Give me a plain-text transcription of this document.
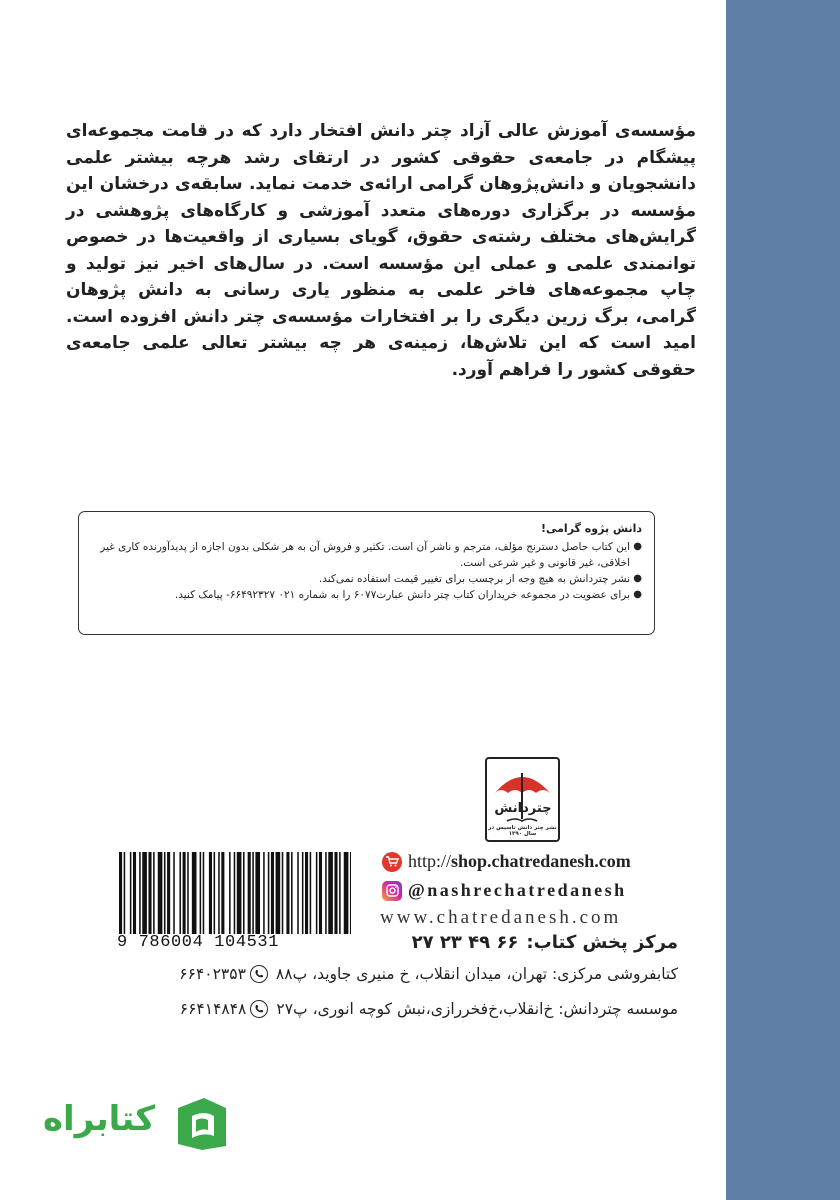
مؤسسه‌ی آموزش عالی آزاد چتر دانش افتخار دارد که در قامت مجموعه‌ای پیشگام در جامعه‌ی حقوقی کشور در ارتقای رشد هرچه بیشتر علمی دانشجویان و دانش‌پژوهان گرامی ارائه‌ی خدمت نماید. سابقه‌ی درخشان این مؤسسه در برگزاری دوره‌های متعدد آموزشی و کارگاه‌های پژوهشی در گرایش‌های مختلف رشته‌ی حقوق، گویای بسیاری از واقعیت‌ها در خصوص توانمندی علمی و عملی این مؤسسه است. در سال‌های اخیر نیز تولید و چاپ مجموعه‌های فاخر علمی به منظور یاری رسانی به دانش پژوهان گرامی، برگ زرین دیگری را بر افتخارات مؤسسه‌ی چتر دانش افزوده است. امید است که این تلاش‌ها، زمینه‌ی هر چه بیشتر تعالی علمی جامعه‌ی حقوقی کشور را فراهم آورد.

دانش پژوه گرامی!
●
این کتاب حاصل دسترنج مؤلف، مترجم و ناشر آن است. تکثیر و فروش آن به هر شکلی بدون اجازه از پدیدآورنده کاری غیر اخلاقی، غیر قانونی و غیر شرعی است.
●
نشر چتردانش به هیچ وجه از برچسب برای تغییر قیمت استفاده نمی‌کند.
●
برای عضویت در مجموعه خریداران کتاب چتر دانش عبارت۶۰۷۷ را به شماره ۰۲۱ ۶۶۴۹۲۳۲۷- پیامک کنید.
چتردانش
نشر چتر دانش تاسیس در سال ۱۳۹۰
9 786004 104531
http:// shop.chatredanesh.com
@nashrechatredanesh
www.chatredanesh.com
مرکز پخش کتاب:۶۶ ۴۹ ۲۳ ۲۷
کتابفروشی مرکزی: تهران، میدان انقلاب، خ منیری جاوید، پ۸۸
۶۶۴۰۲۳۵۳
موسسه چتردانش: خ‌انقلاب،خ‌فخررازی،نبش کوچه انوری، پ۲۷
۶۶۴۱۴۸۴۸
کتابراه
